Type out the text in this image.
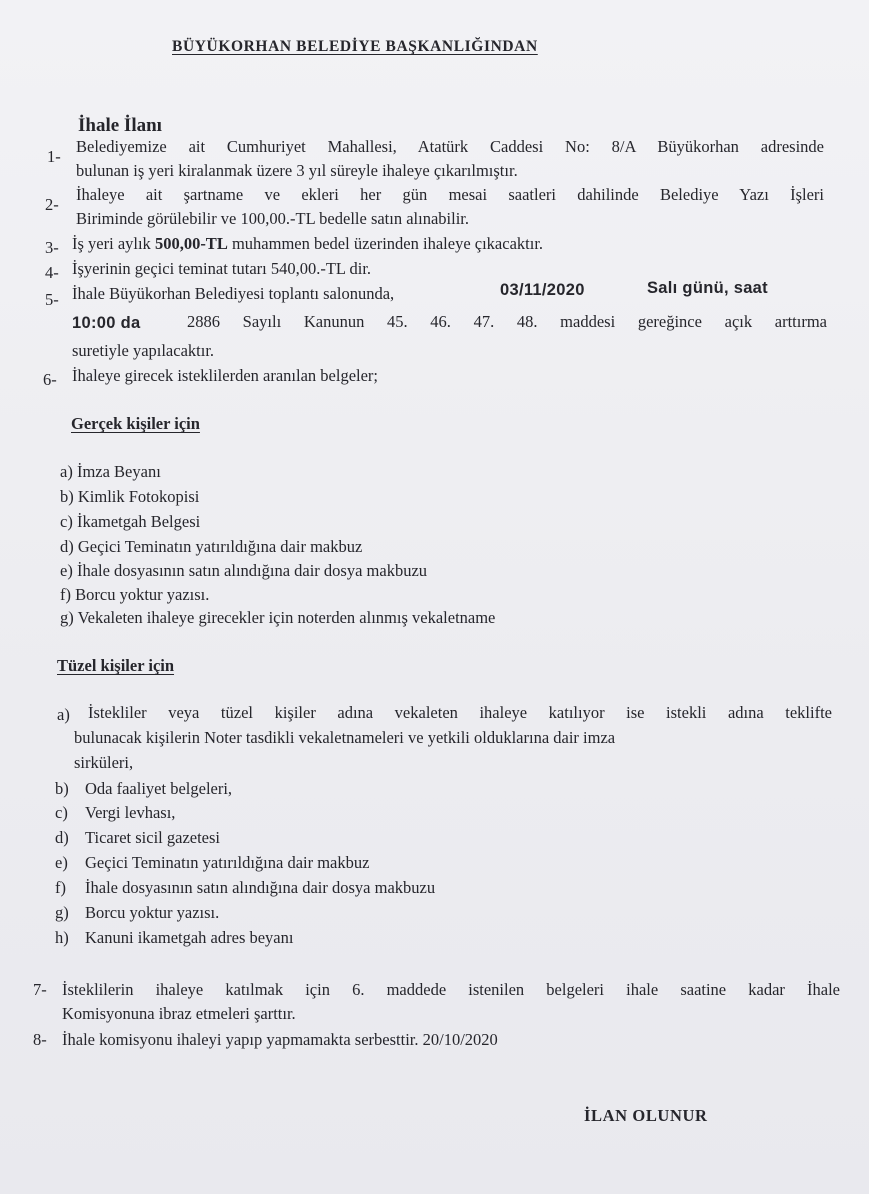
BÜYÜKORHAN BELEDİYE BAŞKANLIĞINDAN
İhale İlanı
1-
Belediyemize ait Cumhuriyet Mahallesi, Atatürk Caddesi No: 8/A Büyükorhan adresinde
bulunan iş yeri kiralanmak üzere 3 yıl süreyle ihaleye çıkarılmıştır.
2-
İhaleye ait şartname ve ekleri her gün mesai saatleri dahilinde Belediye Yazı İşleri
Biriminde görülebilir ve 100,00.-TL bedelle satın alınabilir.
3- İş yeri aylık 500,00-TL muhammen bedel üzerinden ihaleye çıkacaktır.
4- İşyerinin geçici teminat tutarı 540,00.-TL dir.
5- İhale Büyükorhan Belediyesi toplantı salonunda,	03/11/2020	Salı günü, saat
10:00 da	2886 Sayılı Kanunun 45. 46. 47. 48. maddesi gereğince açık arttırma
suretiyle yapılacaktır.
6- İhaleye girecek isteklilerden aranılan belgeler;
Gerçek kişiler için
a) İmza Beyanı
b) Kimlik Fotokopisi
c) İkametgah Belgesi
d) Geçici Teminatın yatırıldığına dair makbuz
e) İhale dosyasının satın alındığına dair dosya makbuzu
f) Borcu yoktur yazısı.
g) Vekaleten ihaleye girecekler için noterden alınmış vekaletname
Tüzel kişiler için
a) İstekliler veya tüzel kişiler adına vekaleten ihaleye katılıyor ise istekli adına teklifte
bulunacak kişilerin Noter tasdikli vekaletnameleri ve yetkili olduklarına dair imza
sirküleri,
b) Oda faaliyet belgeleri,
c) Vergi levhası,
d) Ticaret sicil gazetesi
e) Geçici Teminatın yatırıldığına dair makbuz
f) İhale dosyasının satın alındığına dair dosya makbuzu
g) Borcu yoktur yazısı.
h) Kanuni ikametgah adres beyanı
7- İsteklilerin ihaleye katılmak için 6. maddede istenilen belgeleri ihale saatine kadar İhale
Komisyonuna ibraz etmeleri şarttır.
8- İhale komisyonu ihaleyi yapıp yapmamakta serbesttir. 20/10/2020
İLAN OLUNUR
